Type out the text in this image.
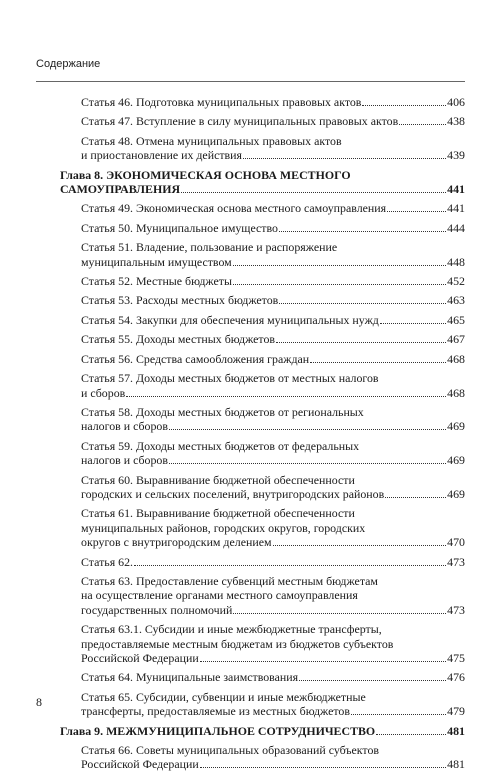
Содержание
Статья 46. Подготовка муниципальных правовых актов	406
Статья 47. Вступление в силу муниципальных правовых актов	438
Статья 48. Отмена муниципальных правовых актов
и приостановление их действия	439
Глава 8. ЭКОНОМИЧЕСКАЯ ОСНОВА МЕСТНОГО
САМОУПРАВЛЕНИЯ	441
Статья 49. Экономическая основа местного самоуправления	441
Статья 50. Муниципальное имущество	444
Статья 51. Владение, пользование и распоряжение
муниципальным имуществом	448
Статья 52. Местные бюджеты	452
Статья 53. Расходы местных бюджетов	463
Статья 54. Закупки для обеспечения муниципальных нужд	465
Статья 55. Доходы местных бюджетов	467
Статья 56. Средства самообложения граждан	468
Статья 57. Доходы местных бюджетов от местных налогов
и сборов	468
Статья 58. Доходы местных бюджетов от региональных
налогов и сборов	469
Статья 59. Доходы местных бюджетов от федеральных
налогов и сборов	469
Статья 60. Выравнивание бюджетной обеспеченности
городских и сельских поселений, внутригородских районов	469
Статья 61. Выравнивание бюджетной обеспеченности
муниципальных районов, городских округов, городских
округов с внутригородским делением	470
Статья 62.	473
Статья 63. Предоставление субвенций местным бюджетам
на осуществление органами местного самоуправления
государственных полномочий	473
Статья 63.1. Субсидии и иные межбюджетные трансферты,
предоставляемые местным бюджетам из бюджетов субъектов
Российской Федерации	475
Статья 64. Муниципальные заимствования	476
Статья 65. Субсидии, субвенции и иные межбюджетные
трансферты, предоставляемые из местных бюджетов	479
Глава 9. МЕЖМУНИЦИПАЛЬНОЕ СОТРУДНИЧЕСТВО	481
Статья 66. Советы муниципальных образований субъектов
Российской Федерации	481
8
